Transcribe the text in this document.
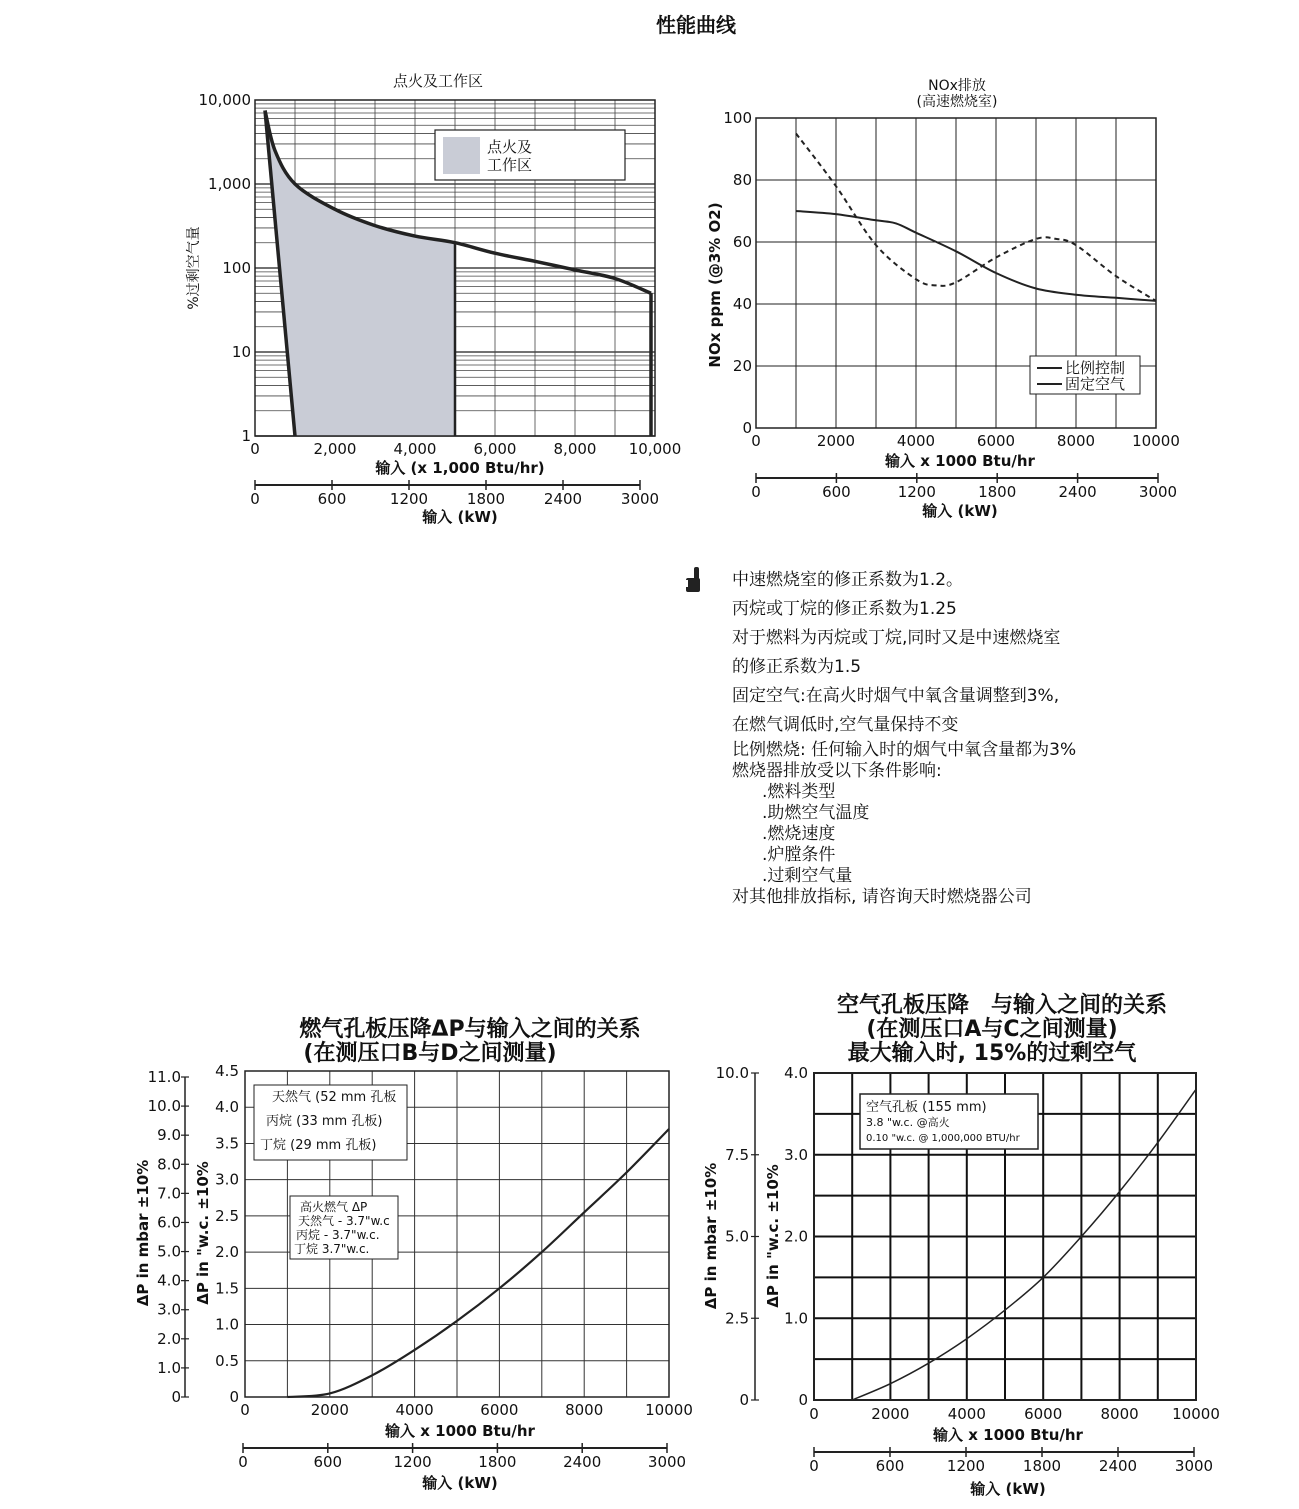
性能曲线
点火及工作区
点火及工作区
10,000
1,000
100
10
1
0	2,000 4,000 6,000 8,000 10,000
%过剩空气量
输入 (x 1,000 Btu/hr)
0	600	1200	1800	2400	3000
输入 (kW)
NOx排放(高速燃烧室)
比例控制
固定空气
100
80
60
40
20
0
0	2000	4000	6000	8000 10000
NOx ppm (@3% O2)
输入 x 1000 Btu/hr
0	600	1200	1800	2400	3000
输入 (kW)
燃气孔板压降ΔP与输入之间的关系(在测压口B与D之间测量)
天然气 (52 mm 孔板丙烷 (33 mm 孔板)丁烷 (29 mm 孔板)
高火燃气 ΔP 天然气 - 3.7"w.c 丙烷 - 3.7"w.c.丁烷 3.7"w.c.
4.5
4.0
3.5
3.0
2.5
2.0
1.5
1.0
0.5
0
11.0
10.0
9.0
8.0
7.0
6.0
5.0
4.0
3.0
2.0
1.0
0
0	2000	4000	6000	8000	10000
ΔP in "w.c. ±10%
ΔP in mbar ±10%
输入 x 1000 Btu/hr
0	600	1200	1800	2400	3000
输入 (kW)
空气孔板压降　与输入之间的关系(在测压口A与C之间测量)最大输入时, 15%的过剩空气
空气孔板 (155 mm) 3.8 "w.c. @高火 0.10 "w.c. @ 1,000,000 BTU/hr
4.0
3.0
2.0
1.0
0
10.0
7.5
5.0
2.5
0
0	2000	4000	6000	8000 10000
ΔP in "w.c. ±10%
ΔP in mbar ±10%
输入 x 1000 Btu/hr
0	600	1200	1800	2400	3000
输入 (kW)
中速燃烧室的修正系数为1.2。
丙烷或丁烷的修正系数为1.25
对于燃料为丙烷或丁烷,同时又是中速燃烧室
的修正系数为1.5
固定空气:在高火时烟气中氧含量调整到3%,
在燃气调低时,空气量保持不变
比例燃烧: 任何输入时的烟气中氧含量都为3%
燃烧器排放受以下条件影响:
.燃料类型
.助燃空气温度
.燃烧速度
.炉膛条件
.过剩空气量
对其他排放指标, 请咨询天时燃烧器公司
